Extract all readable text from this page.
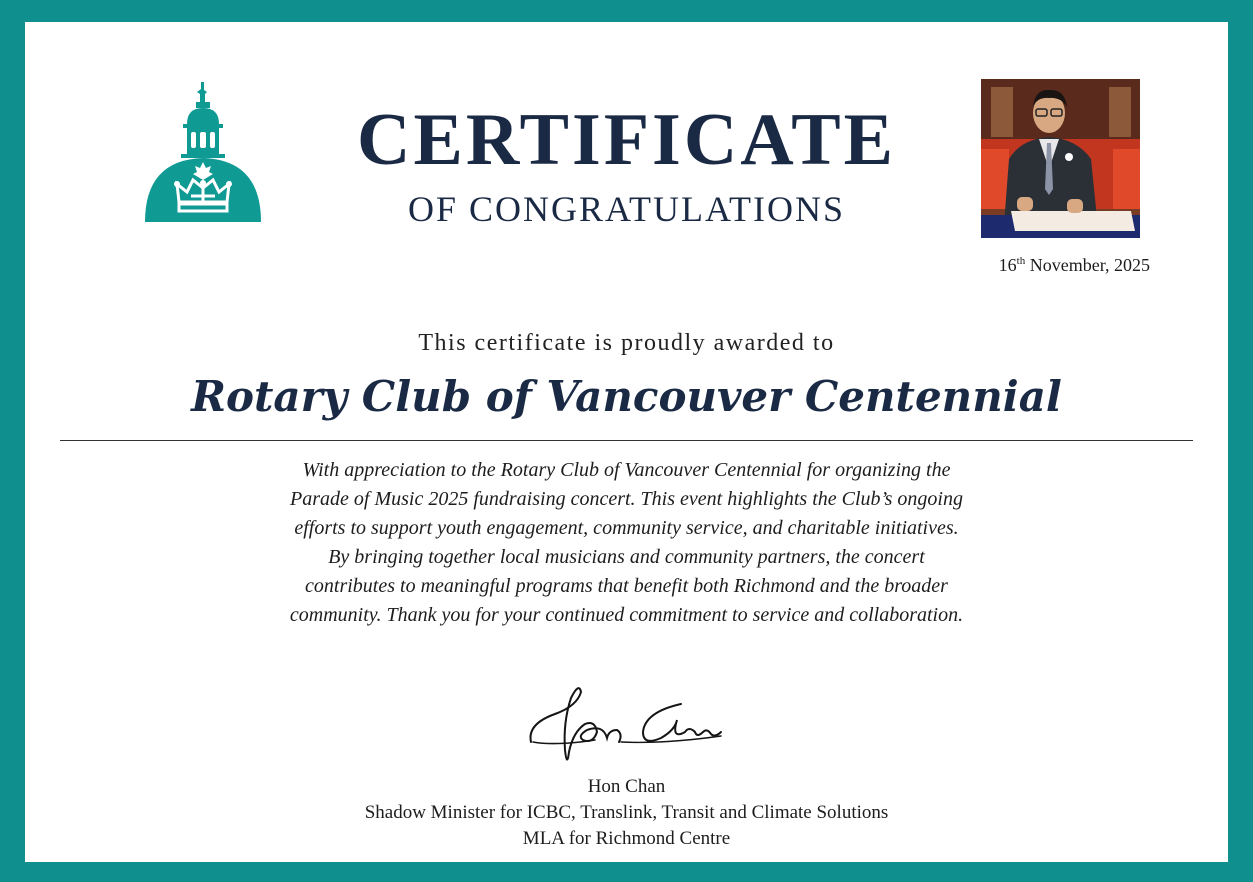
CERTIFICATE
OF CONGRATULATIONS
16th November, 2025
This certificate is proudly awarded to
Rotary Club of Vancouver Centennial
With appreciation to the Rotary Club of Vancouver Centennial for organizing the
Parade of Music 2025 fundraising concert. This event highlights the Club’s ongoing
efforts to support youth engagement, community service, and charitable initiatives.
By bringing together local musicians and community partners, the concert
contributes to meaningful programs that benefit both Richmond and the broader
community. Thank you for your continued commitment to service and collaboration.
Hon Chan
Shadow Minister for ICBC, Translink, Transit and Climate Solutions
MLA for Richmond Centre
